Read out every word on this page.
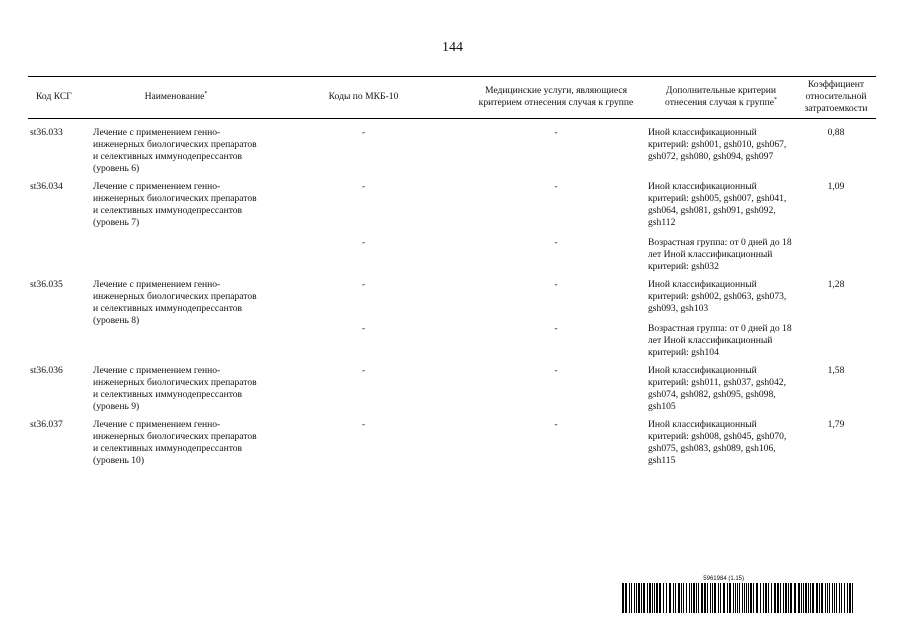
144
Код КСГ	Наименование*	Коды по МКБ-10	Медицинские услуги, являющиеся критерием отнесения случая к группе	Дополнительные критерии отнесения случая к группе*	Коэффициент относительной затратоемкости
st36.033	Лечение с применением генно-инженерных биологических препаратов и селективных иммунодепрессантов (уровень 6)	-	-	Иной классификационный критерий: gsh001, gsh010, gsh067, gsh072, gsh080, gsh094, gsh097	0,88
st36.034	Лечение с применением генно-инженерных биологических препаратов и селективных иммунодепрессантов (уровень 7)	-	-	Иной классификационный критерий: gsh005, gsh007, gsh041, gsh064, gsh081, gsh091, gsh092, gsh112	1,09
		-	-	Возрастная группа: от 0 дней до 18 лет Иной классификационный критерий: gsh032	
st36.035	Лечение с применением генно-инженерных биологических препаратов и селективных иммунодепрессантов (уровень 8)	-	-	Иной классификационный критерий: gsh002, gsh063, gsh073, gsh093, gsh103	1,28
		-	-	Возрастная группа: от 0 дней до 18 лет Иной классификационный критерий: gsh104	
st36.036	Лечение с применением генно-инженерных биологических препаратов и селективных иммунодепрессантов (уровень 9)	-	-	Иной классификационный критерий: gsh011, gsh037, gsh042, gsh074, gsh082, gsh095, gsh098, gsh105	1,58
st36.037	Лечение с применением генно-инженерных биологических препаратов и селективных иммунодепрессантов (уровень 10)	-	-	Иной классификационный критерий: gsh008, gsh045, gsh070, gsh075, gsh083, gsh089, gsh106, gsh115	1,79
5961984 (1.15)
